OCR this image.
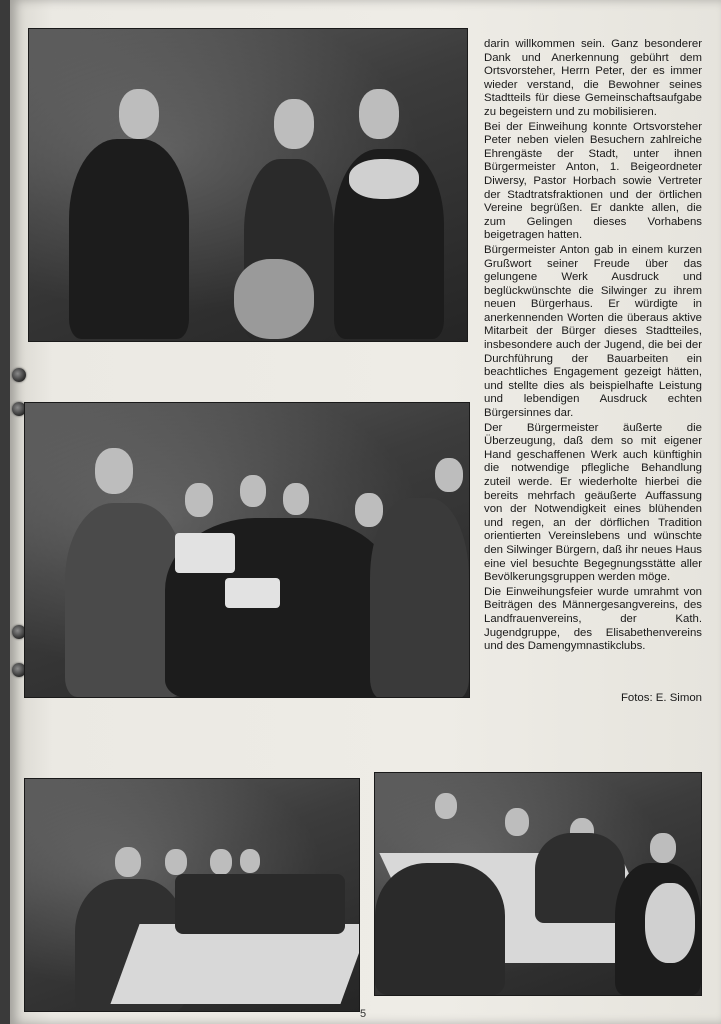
darin willkommen sein. Ganz besonderer Dank und Anerkennung gebührt dem Ortsvorsteher, Herrn Peter, der es immer wieder verstand, die Bewohner seines Stadtteils für diese Gemeinschaftsaufgabe zu begeistern und zu mobilisieren.

Bei der Einweihung konnte Ortsvorsteher Peter neben vielen Besuchern zahlreiche Ehrengäste der Stadt, unter ihnen Bürgermeister Anton, 1. Beigeordneter Diwersy, Pastor Horbach sowie Vertreter der Stadtratsfraktionen und der örtlichen Vereine begrüßen. Er dankte allen, die zum Gelingen dieses Vorhabens beigetragen hatten.

Bürgermeister Anton gab in einem kurzen Grußwort seiner Freude über das gelungene Werk Ausdruck und beglückwünschte die Silwinger zu ihrem neuen Bürgerhaus. Er würdigte in anerkennenden Worten die überaus aktive Mitarbeit der Bürger dieses Stadtteiles, insbesondere auch der Jugend, die bei der Durchführung der Bauarbeiten ein beachtliches Engagement gezeigt hätten, und stellte dies als beispielhafte Leistung und lebendigen Ausdruck echten Bürgersinnes dar.

Der Bürgermeister äußerte die Überzeugung, daß dem so mit eigener Hand geschaffenen Werk auch künftighin die notwendige pflegliche Behandlung zuteil werde. Er wiederholte hierbei die bereits mehrfach geäußerte Auffassung von der Notwendigkeit eines blühenden und regen, an der dörflichen Tradition orientierten Vereinslebens und wünschte den Silwinger Bürgern, daß ihr neues Haus eine viel besuchte Begegnungsstätte aller Bevölkerungsgruppen werden möge.

Die Einweihungsfeier wurde umrahmt von Beiträgen des Männergesangvereins, des Landfrauenvereins, der Kath. Jugendgruppe, des Elisabethenvereins und des Damengymnastikclubs.

Fotos: E. Simon
5
